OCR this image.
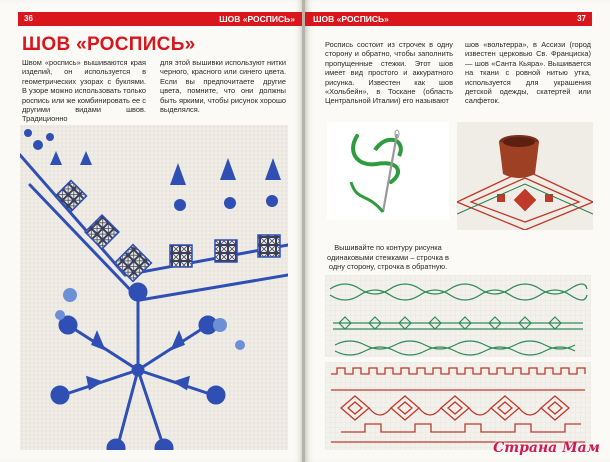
36	ШОВ «РОСПИСЬ»
ШОВ «РОСПИСЬ»

Швом «роспись» вышиваются края изделий, он используется в геометрических узорах с буклями. В узоре можно использовать только роспись или же комбинировать ее с другими видами швов. Традиционно

для этой вышивки используют нитки черного, красного или синего цвета. Если вы предпочитаете другие цвета, помните, что они должны быть яркими, чтобы рисунок хорошо выделялся.

ШОВ «РОСПИСЬ»	37

Роспись состоит из строчек в одну сторону и обратно, чтобы заполнить пропущенные стежки. Этот шов имеет вид простого и аккуратного рисунка. Известен как шов «Хольбейн», в Тоскане (область Центральной Италии) его называют

шов «вольтерра», в Ассизи (город известен церковью Св. Франциска) — шов «Санта Кьяра». Вышивается на ткани с ровной нитью утка, используется для украшения детской одежды, скатертей или салфеток.

Вышивайте по контуру рисунка одинаковыми стежками – строчка в одну сторону, строчка в обратную.

Страна Мам
